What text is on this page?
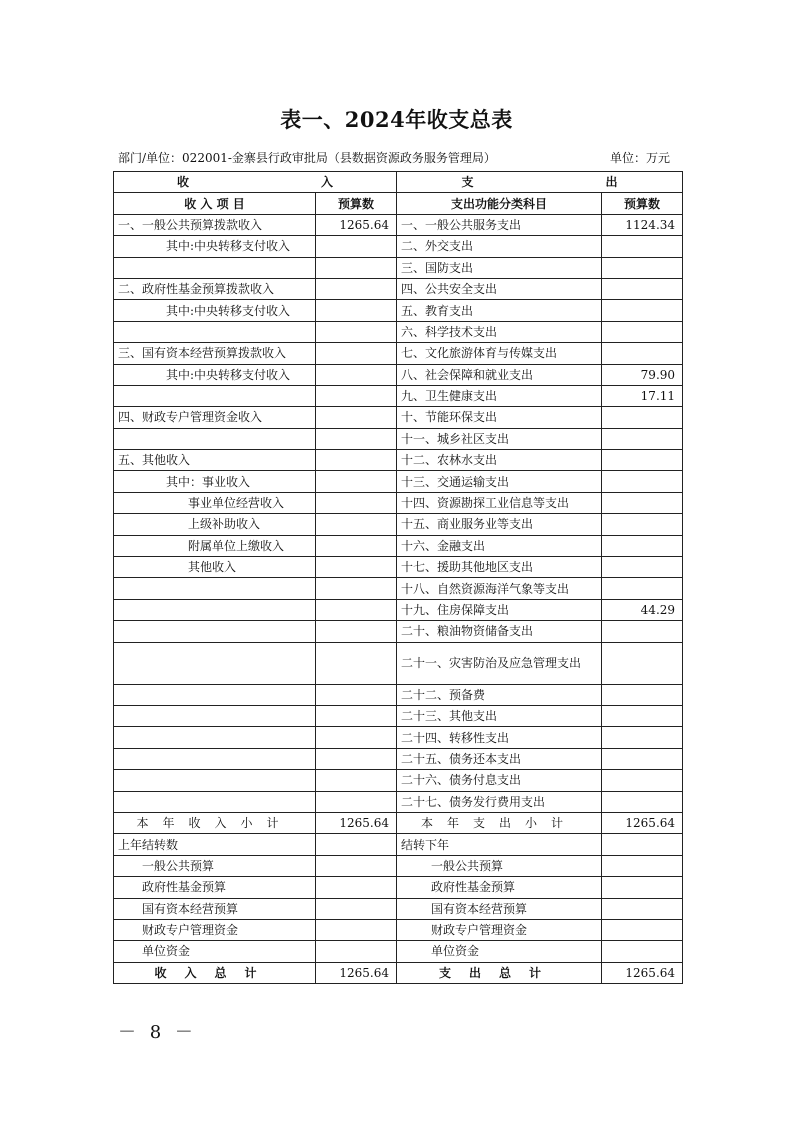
表一、2024年收支总表
部门/单位：022001-金寨县行政审批局（县数据资源政务服务管理局）	单位：万元
收　　　　　　　　　　　入		支　　　　　　　　　　　出	
收 入 项 目	预算数	支出功能分类科目	预算数
一、一般公共预算拨款收入	1265.64	一、一般公共服务支出	1124.34
其中:中央转移支付收入		二、外交支出	
		三、国防支出	
二、政府性基金预算拨款收入		四、公共安全支出	
其中:中央转移支付收入		五、教育支出	
		六、科学技术支出	
三、国有资本经营预算拨款收入		七、文化旅游体育与传媒支出	
其中:中央转移支付收入		八、社会保障和就业支出	79.90
		九、卫生健康支出	17.11
四、财政专户管理资金收入		十、节能环保支出	
		十一、城乡社区支出	
五、其他收入		十二、农林水支出	
其中：事业收入		十三、交通运输支出	
事业单位经营收入		十四、资源勘探工业信息等支出	
上级补助收入		十五、商业服务业等支出	
附属单位上缴收入		十六、金融支出	
其他收入		十七、援助其他地区支出	
		十八、自然资源海洋气象等支出	
		十九、住房保障支出	44.29
		二十、粮油物资储备支出	
		二十一、灾害防治及应急管理支出	
		二十二、预备费	
		二十三、其他支出	
		二十四、转移性支出	
		二十五、债务还本支出	
		二十六、债务付息支出	
		二十七、债务发行费用支出	
本年收入小计	1265.64	本年支出小计	1265.64
上年结转数		结转下年	
一般公共预算		一般公共预算	
政府性基金预算		政府性基金预算	
国有资本经营预算		国有资本经营预算	
财政专户管理资金		财政专户管理资金	
单位资金		单位资金	
收入总计	1265.64	支出总计	1265.64
－ 8 －
